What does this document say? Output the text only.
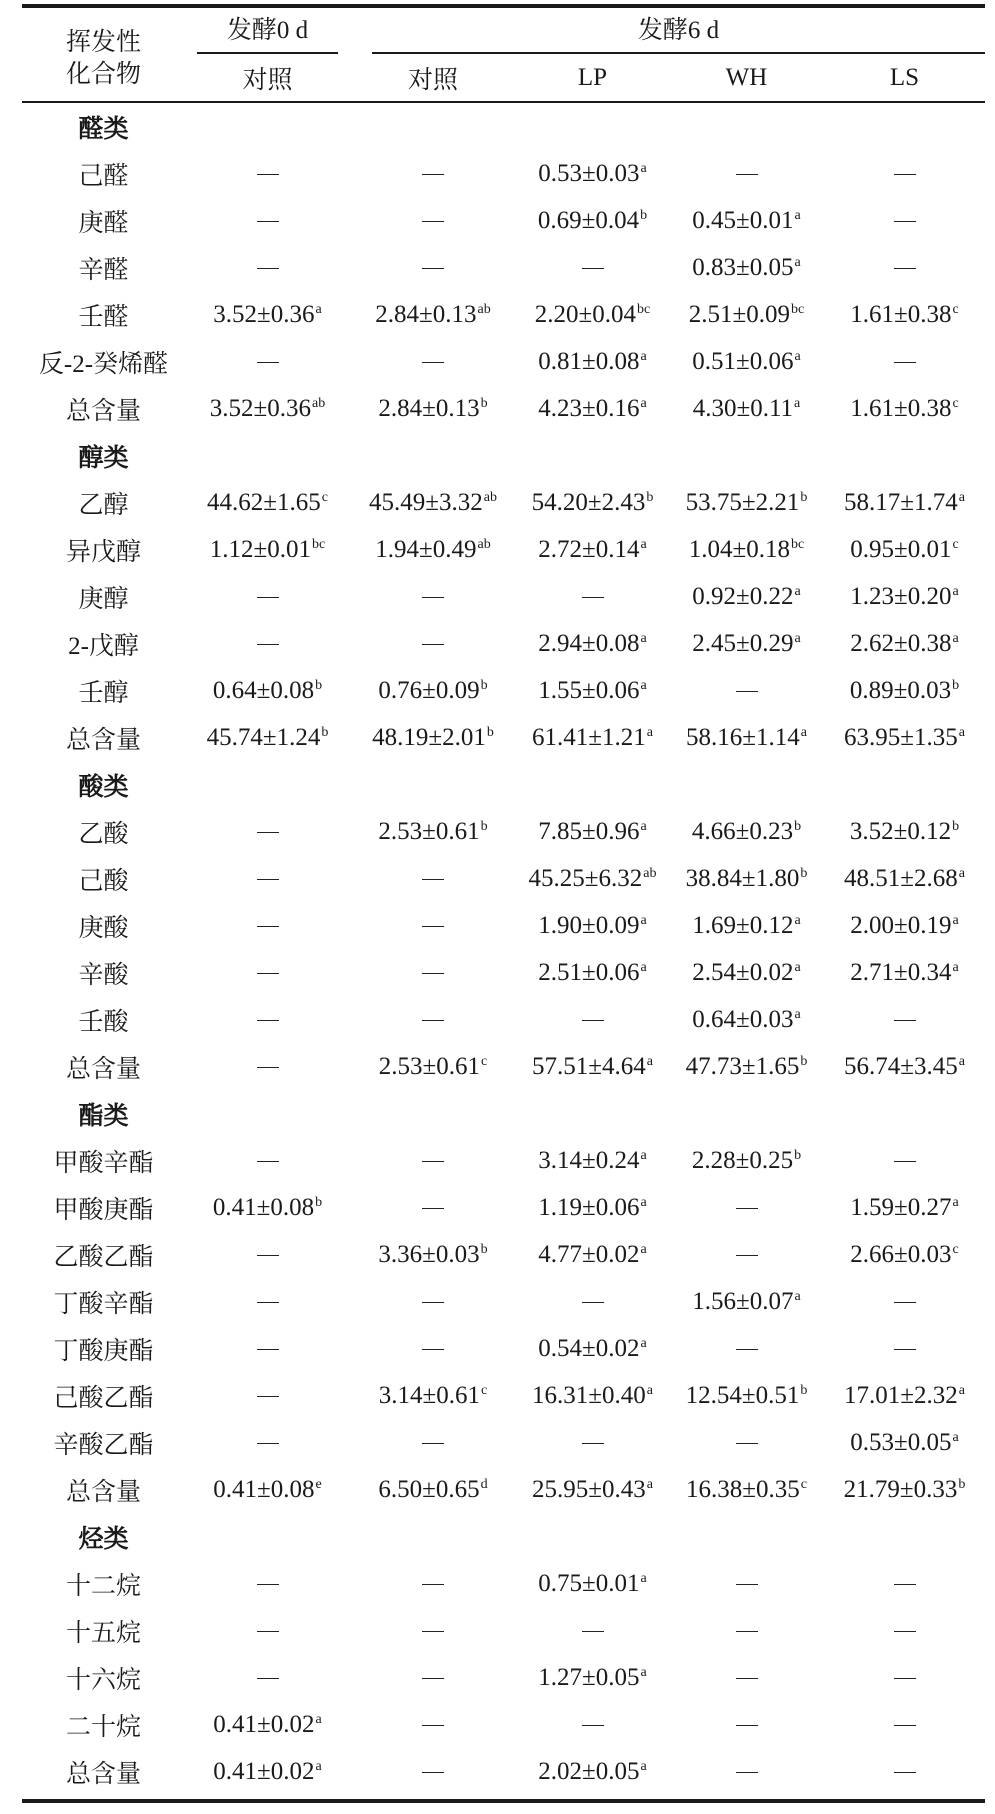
挥发性
化合物	发酵0 d	发酵6 d			

	对照	对照	LP	WH	LS

醛类					
己醛			0.53±0.03$^a$	

庚醛			0.69±0.04$^b$	0.45±0.01$^a$	

辛醛				0.83±0.05$^a$	

壬醛	3.52±0.36$^a$	2.84±0.13$^{ab}$	2.20±0.04$^{bc}$	2.51±0.09$^{bc}$	1.61±0.38$^c$
反-2-癸烯醛			0.81±0.08$^a$	0.51±0.06$^a$	

总含量	3.52±0.36$^{ab}$	2.84±0.13$^b$	4.23±0.16$^a$	4.30±0.11$^a$	1.61±0.38$^c$
醇类					
乙醇	44.62±1.65$^c$	45.49±3.32$^{ab}$	54.20±2.43$^b$	53.75±2.21$^b$	58.17±1.74$^a$
异戊醇	1.12±0.01$^{bc}$	1.94±0.49$^{ab}$	2.72±0.14$^a$	1.04±0.18$^{bc}$	0.95±0.01$^c$
庚醇				0.92±0.22$^a$	1.23±0.20$^a$
2-戊醇			2.94±0.08$^a$	2.45±0.29$^a$	2.62±0.38$^a$
壬醇	0.64±0.08$^b$	0.76±0.09$^b$	1.55±0.06$^a$		0.89±0.03$^b$
总含量	45.74±1.24$^b$	48.19±2.01$^b$	61.41±1.21$^a$	58.16±1.14$^a$	63.95±1.35$^a$
酸类					
乙酸		2.53±0.61$^b$	7.85±0.96$^a$	4.66±0.23$^b$	3.52±0.12$^b$
己酸			45.25±6.32$^{ab}$	38.84±1.80$^b$	48.51±2.68$^a$
庚酸			1.90±0.09$^a$	1.69±0.12$^a$	2.00±0.19$^a$
辛酸			2.51±0.06$^a$	2.54±0.02$^a$	2.71±0.34$^a$
壬酸				0.64±0.03$^a$	

总含量		2.53±0.61$^c$	57.51±4.64$^a$	47.73±1.65$^b$	56.74±3.45$^a$
酯类					
甲酸辛酯			3.14±0.24$^a$	2.28±0.25$^b$	

甲酸庚酯	0.41±0.08$^b$		1.19±0.06$^a$		1.59±0.27$^a$
乙酸乙酯		3.36±0.03$^b$	4.77±0.02$^a$		2.66±0.03$^c$
丁酸辛酯				1.56±0.07$^a$	

丁酸庚酯			0.54±0.02$^a$	

己酸乙酯		3.14±0.61$^c$	16.31±0.40$^a$	12.54±0.51$^b$	17.01±2.32$^a$
辛酸乙酯					0.53±0.05$^a$
总含量	0.41±0.08$^e$	6.50±0.65$^d$	25.95±0.43$^a$	16.38±0.35$^c$	21.79±0.33$^b$
烃类					
十二烷			0.75±0.01$^a$	

十五烷	

十六烷			1.27±0.05$^a$	

二十烷	0.41±0.02$^a$	

总含量	0.41±0.02$^a$		2.02±0.05$^a$	
